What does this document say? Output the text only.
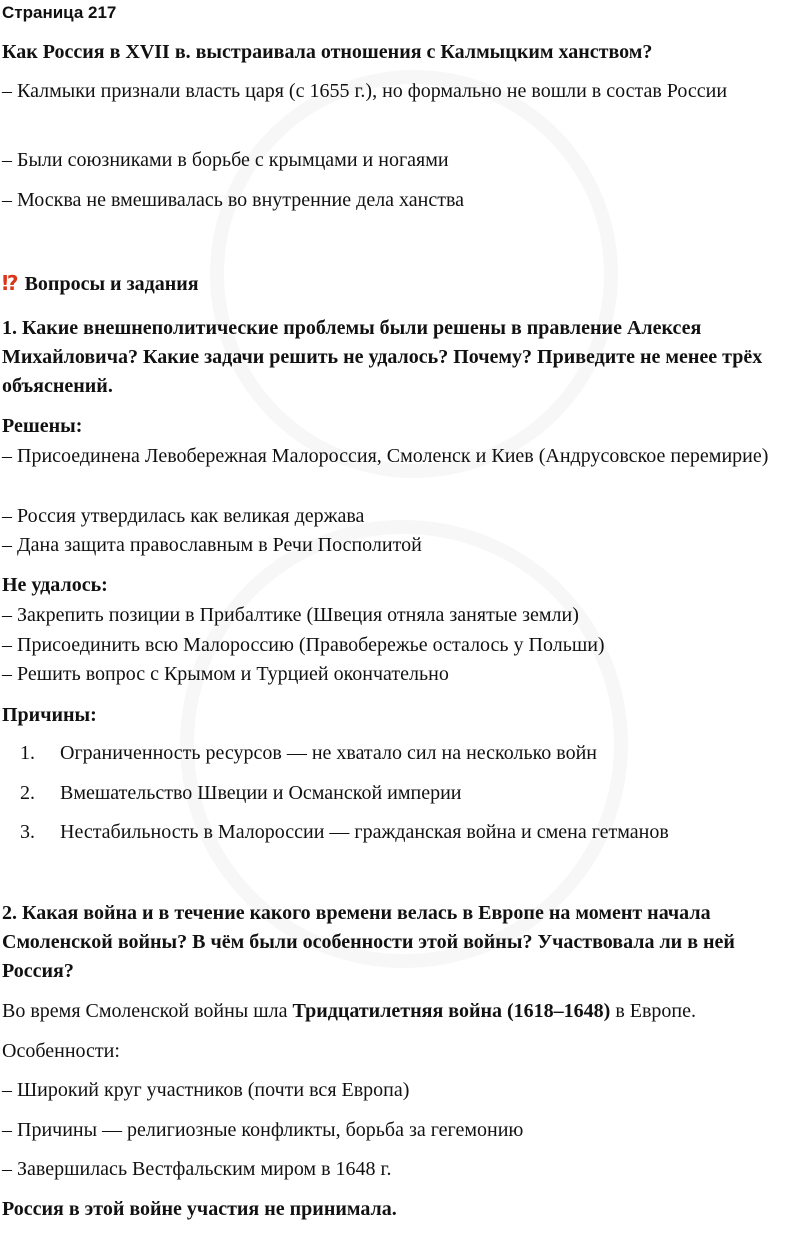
Страница 217
Как Россия в XVII в. выстраивала отношения с Калмыцким ханством?
– Калмыки признали власть царя (с 1655 г.), но формально не вошли в состав России
– Были союзниками в борьбе с крымцами и ногаями
– Москва не вмешивалась во внутренние дела ханства
⁉ Вопросы и задания
1. Какие внешнеполитические проблемы были решены в правление Алексея Михайловича? Какие задачи решить не удалось? Почему? Приведите не менее трёх объяснений.
Решены:
– Присоединена Левобережная Малороссия, Смоленск и Киев (Андрусовское перемирие)
– Россия утвердилась как великая держава
– Дана защита православным в Речи Посполитой
Не удалось:
– Закрепить позиции в Прибалтике (Швеция отняла занятые земли)
– Присоединить всю Малороссию (Правобережье осталось у Польши)
– Решить вопрос с Крымом и Турцией окончательно
Причины:
1. Ограниченность ресурсов — не хватало сил на несколько войн
2. Вмешательство Швеции и Османской империи
3. Нестабильность в Малороссии — гражданская война и смена гетманов
2. Какая война и в течение какого времени велась в Европе на момент начала Смоленской войны? В чём были особенности этой войны? Участвовала ли в ней Россия?
Во время Смоленской войны шла Тридцатилетняя война (1618–1648) в Европе.
Особенности:
– Широкий круг участников (почти вся Европа)
– Причины — религиозные конфликты, борьба за гегемонию
– Завершилась Вестфальским миром в 1648 г.
Россия в этой войне участия не принимала.
